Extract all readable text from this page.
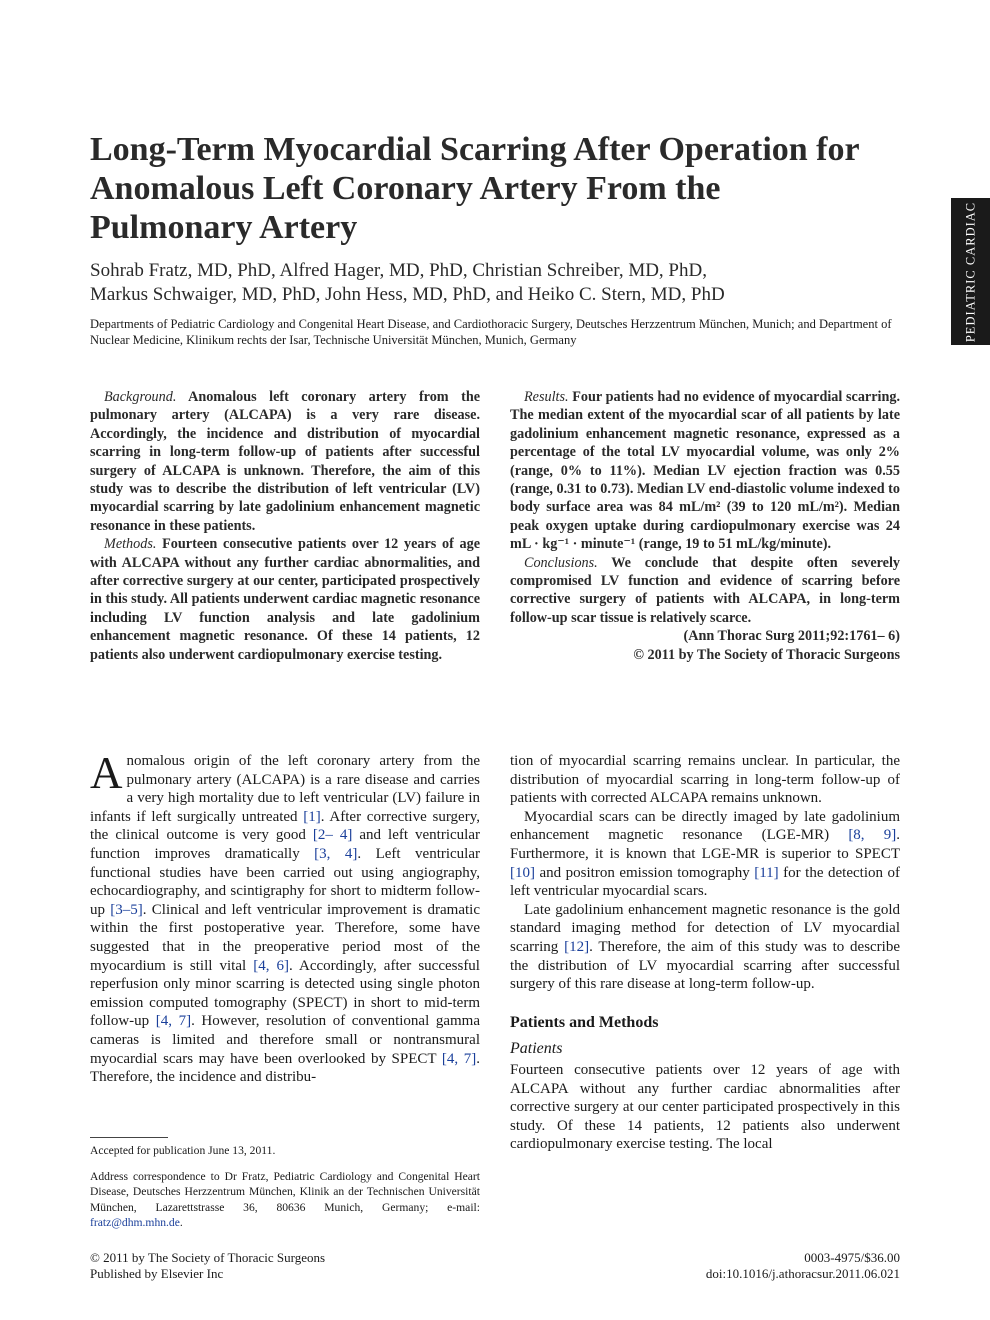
Long-Term Myocardial Scarring After Operation for Anomalous Left Coronary Artery From the Pulmonary Artery
Sohrab Fratz, MD, PhD, Alfred Hager, MD, PhD, Christian Schreiber, MD, PhD,
Markus Schwaiger, MD, PhD, John Hess, MD, PhD, and Heiko C. Stern, MD, PhD
Departments of Pediatric Cardiology and Congenital Heart Disease, and Cardiothoracic Surgery, Deutsches Herzzentrum München, Munich; and Department of Nuclear Medicine, Klinikum rechts der Isar, Technische Universität München, Munich, Germany	PEDIATRIC CARDIAC

Background. Anomalous left coronary artery from the pulmonary artery (ALCAPA) is a very rare disease. Accordingly, the incidence and distribution of myocardial scarring in long-term follow-up of patients after successful surgery of ALCAPA is unknown. Therefore, the aim of this study was to describe the distribution of left ventricular (LV) myocardial scarring by late gadolinium enhancement magnetic resonance in these patients.

Methods. Fourteen consecutive patients over 12 years of age with ALCAPA without any further cardiac abnormalities, and after corrective surgery at our center, participated prospectively in this study. All patients underwent cardiac magnetic resonance including LV function analysis and late gadolinium enhancement magnetic resonance. Of these 14 patients, 12 patients also underwent cardiopulmonary exercise testing.

Results. Four patients had no evidence of myocardial scarring. The median extent of the myocardial scar of all patients by late gadolinium enhancement magnetic resonance, expressed as a percentage of the total LV myocardial volume, was only 2% (range, 0% to 11%). Median LV ejection fraction was 0.55 (range, 0.31 to 0.73). Median LV end-diastolic volume indexed to body surface area was 84 mL/m² (39 to 120 mL/m²). Median peak oxygen uptake during cardiopulmonary exercise was 24 mL · kg⁻¹ · minute⁻¹ (range, 19 to 51 mL/kg/minute).

Conclusions. We conclude that despite often severely compromised LV function and evidence of scarring before corrective surgery of patients with ALCAPA, in long-term follow-up scar tissue is relatively scarce.

(Ann Thorac Surg 2011;92:1761– 6)
© 2011 by The Society of Thoracic Surgeons

Anomalous origin of the left coronary artery from the pulmonary artery (ALCAPA) is a rare disease and carries a very high mortality due to left ventricular (LV) failure in infants if left surgically untreated [1]. After corrective surgery, the clinical outcome is very good [2– 4] and left ventricular function improves dramatically [3, 4]. Left ventricular functional studies have been carried out using angiography, echocardiography, and scintigraphy for short to midterm follow-up [3–5]. Clinical and left ventricular improvement is dramatic within the first postoperative year. Therefore, some have suggested that in the preoperative period most of the myocardium is still vital [4, 6]. Accordingly, after successful reperfusion only minor scarring is detected using single photon emission computed tomography (SPECT) in short to mid-term follow-up [4, 7]. However, resolution of conventional gamma cameras is limited and therefore small or nontransmural myocardial scars may have been overlooked by SPECT [4, 7]. Therefore, the incidence and distribu-

tion of myocardial scarring remains unclear. In particular, the distribution of myocardial scarring in long-term follow-up of patients with corrected ALCAPA remains unknown.

Myocardial scars can be directly imaged by late gadolinium enhancement magnetic resonance (LGE-MR) [8, 9]. Furthermore, it is known that LGE-MR is superior to SPECT [10] and positron emission tomography [11] for the detection of left ventricular myocardial scars.

Late gadolinium enhancement magnetic resonance is the gold standard imaging method for detection of LV myocardial scarring [12]. Therefore, the aim of this study was to describe the distribution of LV myocardial scarring after successful surgery of this rare disease at long-term follow-up.

Patients and Methods
Patients

Fourteen consecutive patients over 12 years of age with ALCAPA without any further cardiac abnormalities after corrective surgery at our center participated prospectively in this study. Of these 14 patients, 12 patients also underwent cardiopulmonary exercise testing. The local

Accepted for publication June 13, 2011.

Address correspondence to Dr Fratz, Pediatric Cardiology and Congenital Heart Disease, Deutsches Herzzentrum München, Klinik an der Technischen Universität München, Lazarettstrasse 36, 80636 Munich, Germany; e-mail: fratz@dhm.mhn.de.

© 2011 by The Society of Thoracic Surgeons
Published by Elsevier Inc
0003-4975/$36.00
doi:10.1016/j.athoracsur.2011.06.021
